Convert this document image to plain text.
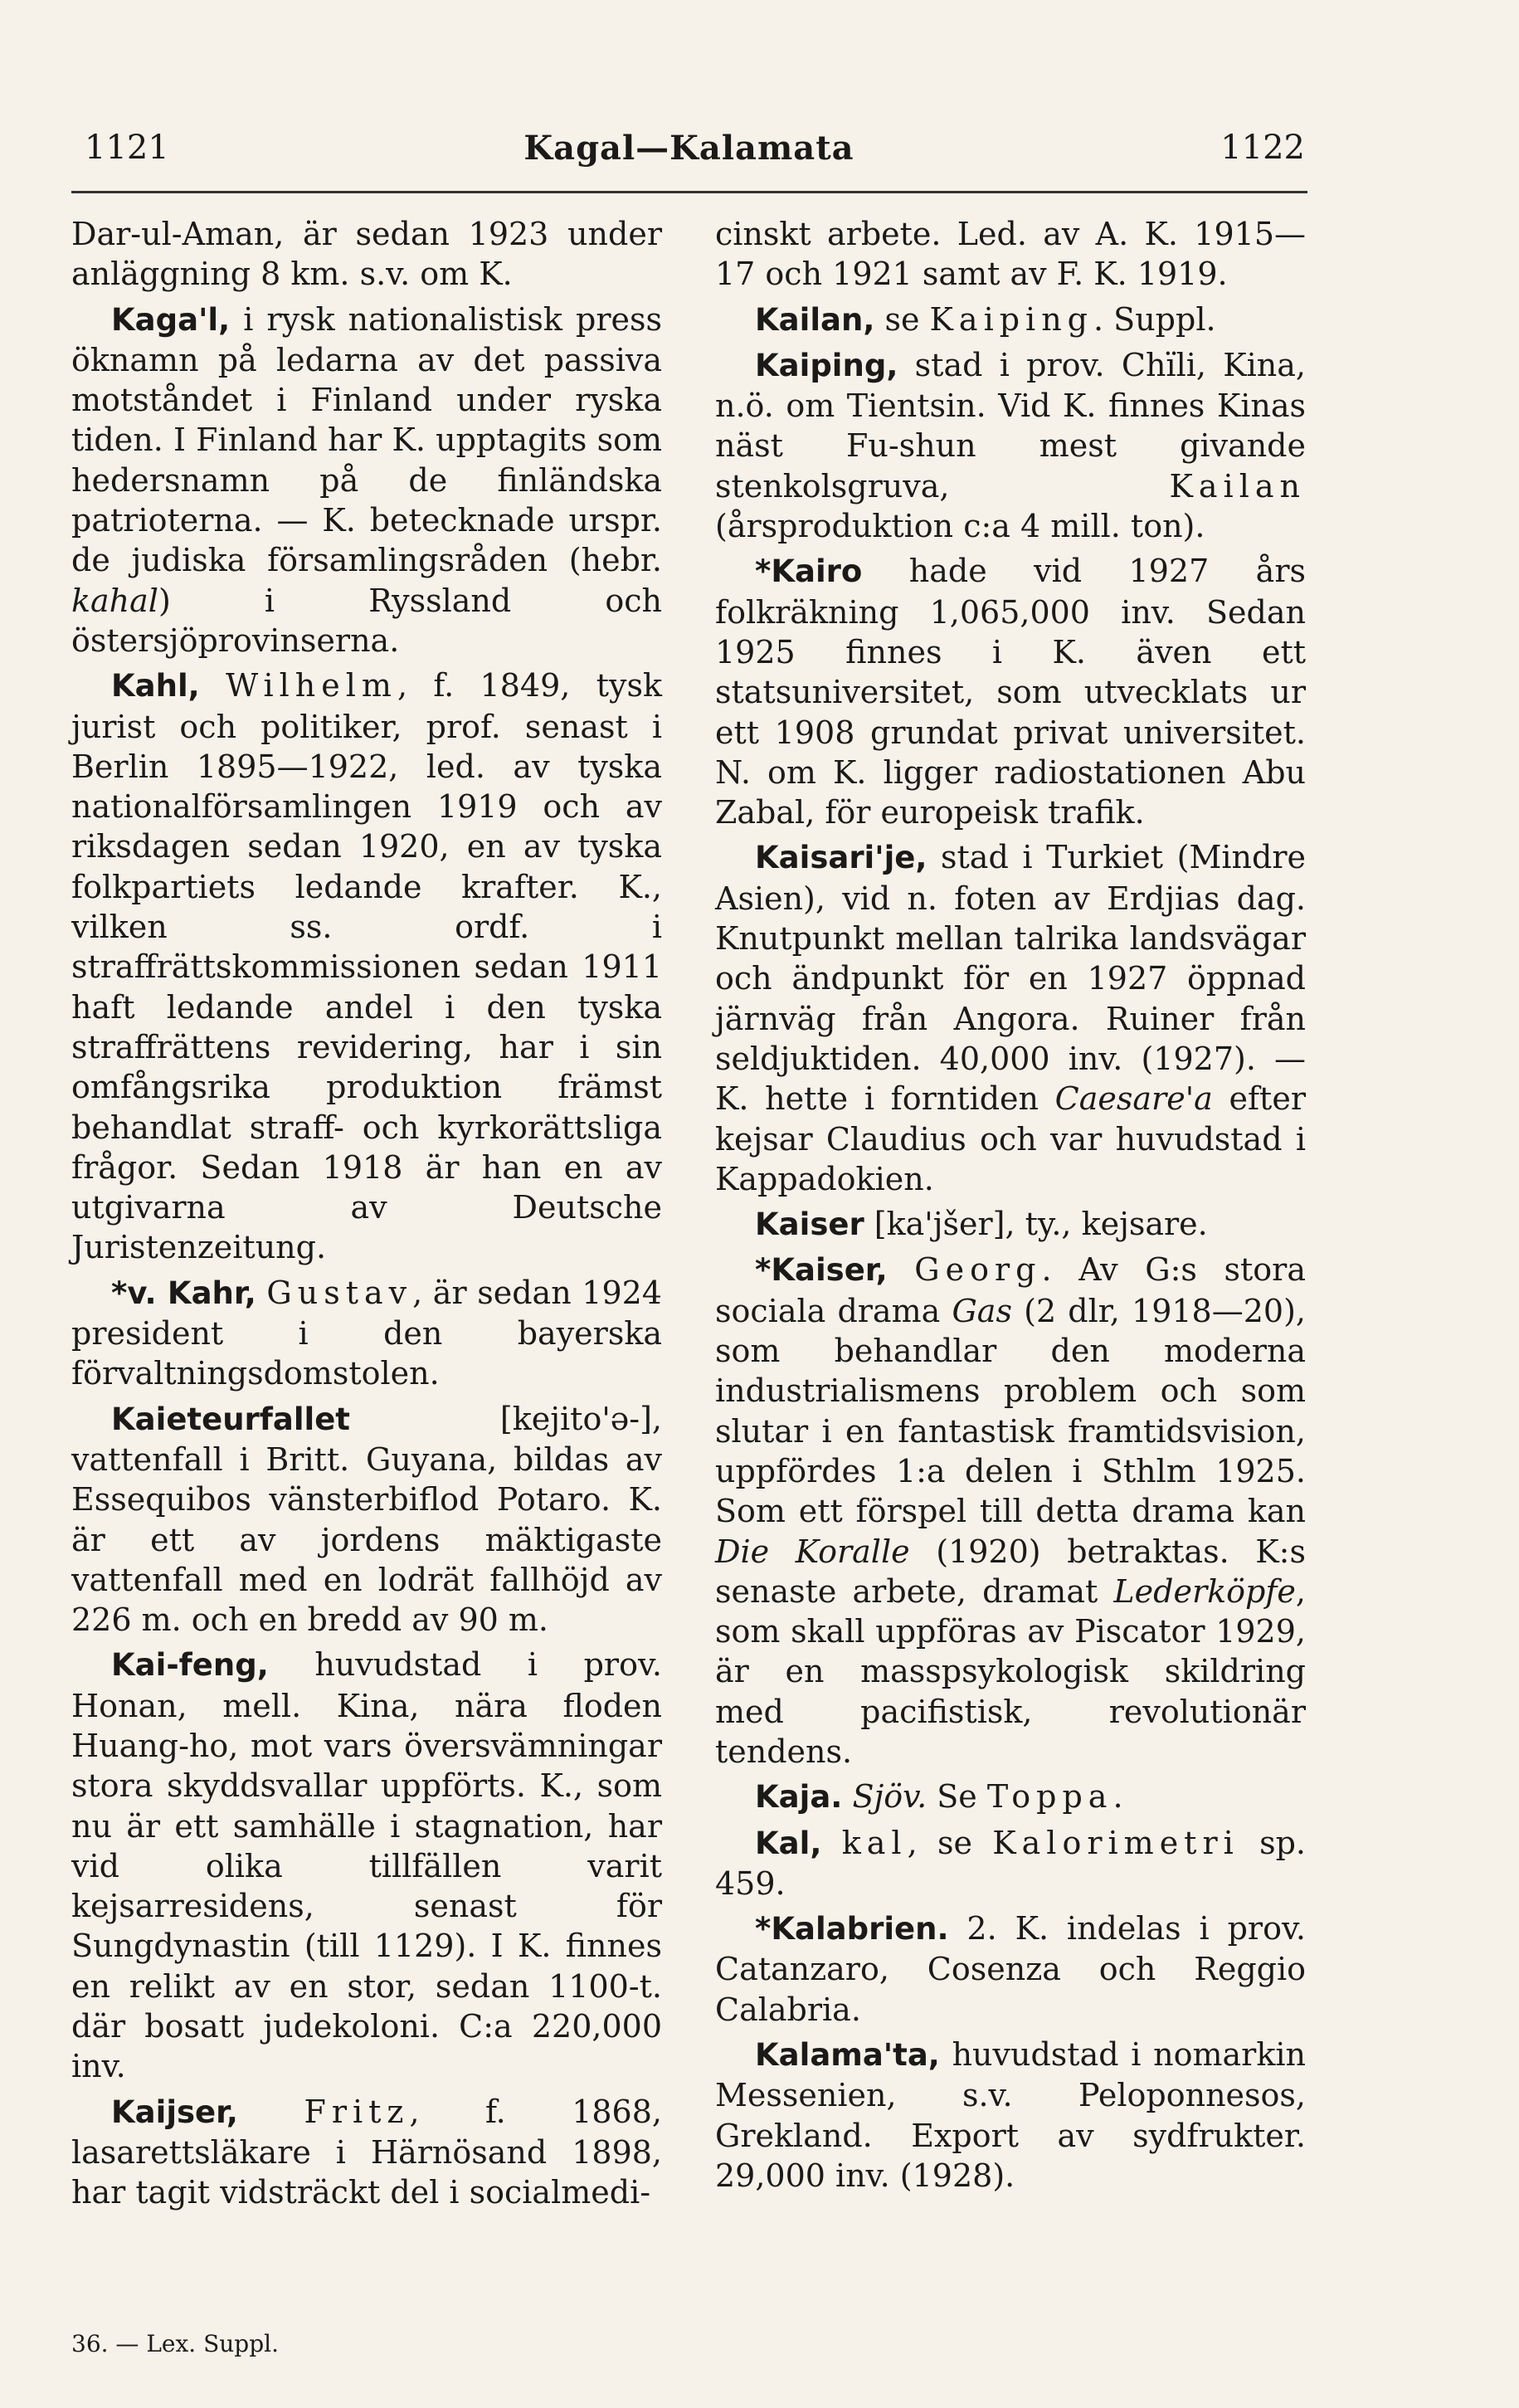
1121	Kagal—Kalamata	1122

Dar-ul-Aman, är sedan 1923 under anläggning 8 km. s.v. om K.

Kaga'l, i rysk nationalistisk press öknamn på ledarna av det passiva motståndet i Finland under ryska tiden. I Finland har K. upptagits som hedersnamn på de finländska patrioterna. — K. betecknade urspr. de judiska församlingsråden (hebr. kahal) i Ryssland och östersjöprovinserna.

Kahl, Wilhelm, f. 1849, tysk jurist och politiker, prof. senast i Berlin 1895—1922, led. av tyska nationalförsamlingen 1919 och av riksdagen sedan 1920, en av tyska folkpartiets ledande krafter. K., vilken ss. ordf. i straffrättskommissionen sedan 1911 haft ledande andel i den tyska straffrättens revidering, har i sin omfångsrika produktion främst behandlat straff- och kyrkorättsliga frågor. Sedan 1918 är han en av utgivarna av Deutsche Juristenzeitung.

*v. Kahr, Gustav, är sedan 1924 president i den bayerska förvaltningsdomstolen.

Kaieteurfallet [kejito'ə-], vattenfall i Britt. Guyana, bildas av Essequibos vänsterbiflod Potaro. K. är ett av jordens mäktigaste vattenfall med en lodrät fallhöjd av 226 m. och en bredd av 90 m.

Kai-feng, huvudstad i prov. Honan, mell. Kina, nära floden Huang-ho, mot vars översvämningar stora skyddsvallar uppförts. K., som nu är ett samhälle i stagnation, har vid olika tillfällen varit kejsarresidens, senast för Sungdynastin (till 1129). I K. finnes en relikt av en stor, sedan 1100-t. där bosatt judekoloni. C:a 220,000 inv.

Kaijser, Fritz, f. 1868, lasarettsläkare i Härnösand 1898, har tagit vidsträckt del i socialmedi-

cinskt arbete. Led. av A. K. 1915—17 och 1921 samt av F. K. 1919.

Kailan, se Kaiping. Suppl.

Kaiping, stad i prov. Chïli, Kina, n.ö. om Tientsin. Vid K. finnes Kinas näst Fu-shun mest givande stenkolsgruva, Kailan (årsproduktion c:a 4 mill. ton).

*Kairo hade vid 1927 års folkräkning 1,065,000 inv. Sedan 1925 finnes i K. även ett statsuniversitet, som utvecklats ur ett 1908 grundat privat universitet. N. om K. ligger radiostationen Abu Zabal, för europeisk trafik.

Kaisari'je, stad i Turkiet (Mindre Asien), vid n. foten av Erdjias dag. Knutpunkt mellan talrika landsvägar och ändpunkt för en 1927 öppnad järnväg från Angora. Ruiner från seldjuktiden. 40,000 inv. (1927). — K. hette i forntiden Caesare'a efter kejsar Claudius och var huvudstad i Kappadokien.

Kaiser [ka'jšer], ty., kejsare.

*Kaiser, Georg. Av G:s stora sociala drama Gas (2 dlr, 1918—20), som behandlar den moderna industrialismens problem och som slutar i en fantastisk framtidsvision, uppfördes 1:a delen i Sthlm 1925. Som ett förspel till detta drama kan Die Koralle (1920) betraktas. K:s senaste arbete, dramat Lederköpfe, som skall uppföras av Piscator 1929, är en masspsykologisk skildring med pacifistisk, revolutionär tendens.

Kaja. Sjöv. Se Toppa.

Kal, kal, se Kalorimetri sp. 459.

*Kalabrien. 2. K. indelas i prov. Catanzaro, Cosenza och Reggio Calabria.

Kalama'ta, huvudstad i nomarkin Messenien, s.v. Peloponnesos, Grekland. Export av sydfrukter. 29,000 inv. (1928).

36. — Lex. Suppl.
